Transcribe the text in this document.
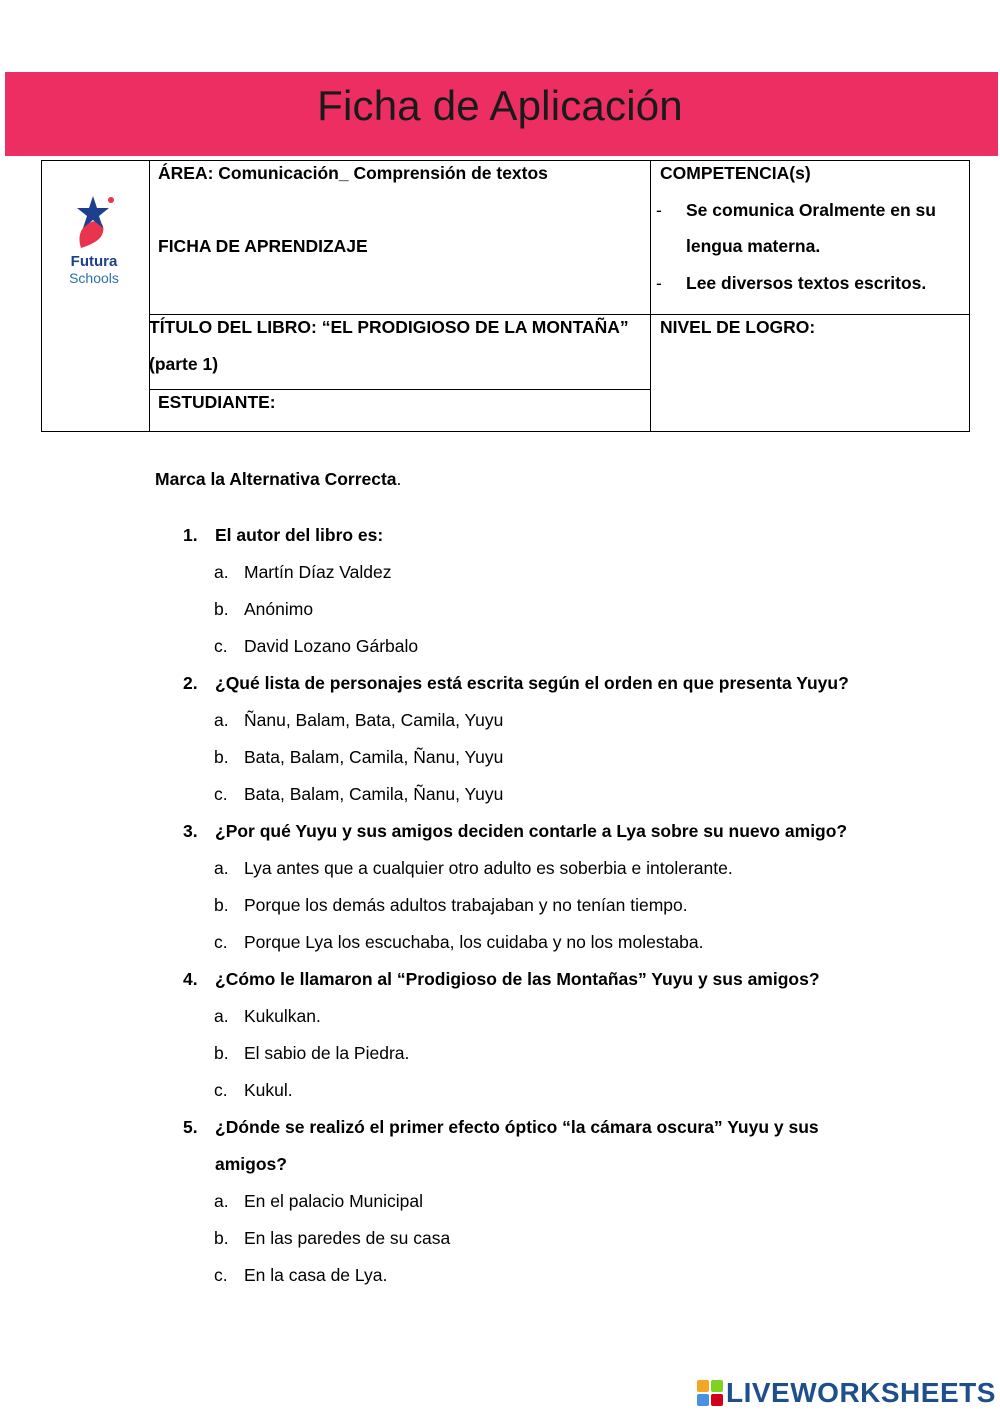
Ficha de Aplicación
Futura
Schools
ÁREA: Comunicación_ Comprensión de textos
FICHA DE APRENDIZAJE
COMPETENCIA(s)
- Se comunica Oralmente en su
lengua materna.
- Lee diversos textos escritos.
TÍTULO DEL LIBRO: “EL PRODIGIOSO DE LA MONTAÑA”
(parte 1)
ESTUDIANTE:
NIVEL DE LOGRO:
Marca la Alternativa Correcta.
1. El autor del libro es:
a. Martín Díaz Valdez
b. Anónimo
c. David Lozano Gárbalo
2. ¿Qué lista de personajes está escrita según el orden en que presenta Yuyu?
a. Ñanu, Balam, Bata, Camila, Yuyu
b. Bata, Balam, Camila, Ñanu, Yuyu
c. Bata, Balam, Camila, Ñanu, Yuyu
3. ¿Por qué Yuyu y sus amigos deciden contarle a Lya sobre su nuevo amigo?
a. Lya antes que a cualquier otro adulto es soberbia e intolerante.
b. Porque los demás adultos trabajaban y no tenían tiempo.
c. Porque Lya los escuchaba, los cuidaba y no los molestaba.
4. ¿Cómo le llamaron al “Prodigioso de las Montañas” Yuyu y sus amigos?
a. Kukulkan.
b. El sabio de la Piedra.
c. Kukul.
5. ¿Dónde se realizó el primer efecto óptico “la cámara oscura” Yuyu y sus amigos?
a. En el palacio Municipal
b. En las paredes de su casa
c. En la casa de Lya.
LIVEWORKSHEETS
